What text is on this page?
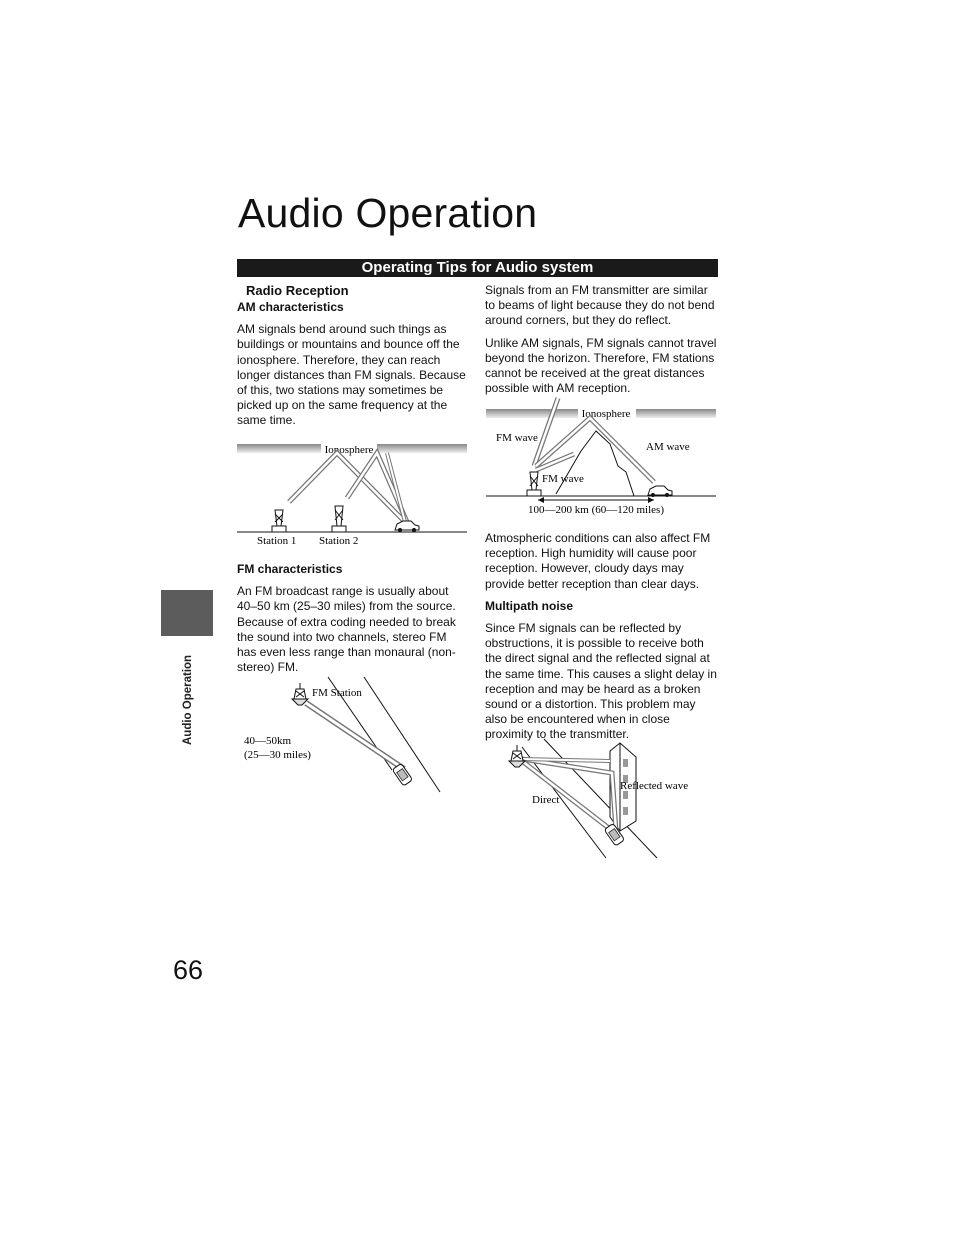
Audio Operation
66
Audio Operation
Operating Tips for Audio system

Radio Reception

AM characteristics

AM signals bend around such things as buildings or mountains and bounce off the ionosphere. Therefore, they can reach longer distances than FM signals. Because of this, two stations may sometimes be picked up on the same frequency at the same time.

Ionosphere
Station 1 Station 2

FM characteristics

An FM broadcast range is usually about 40–50 km (25–30 miles) from the source. Because of extra coding needed to break the sound into two channels, stereo FM has even less range than monaural (non-stereo) FM.

FM Station
40—50km
(25—30 miles)

Signals from an FM transmitter are similar to beams of light because they do not bend around corners, but they do reflect.

Unlike AM signals, FM signals cannot travel beyond the horizon. Therefore, FM stations cannot be received at the great distances possible with AM reception.

Ionosphere
FM wave
AM wave
FM wave
100—200 km (60—120 miles)

Atmospheric conditions can also affect FM reception. High humidity will cause poor reception. However, cloudy days may provide better reception than clear days.

Multipath noise

Since FM signals can be reflected by obstructions, it is possible to receive both the direct signal and the reflected signal at the same time. This causes a slight delay in reception and may be heard as a broken sound or a distortion. This problem may also be encountered when in close proximity to the transmitter.

Reflected wave
Direct
